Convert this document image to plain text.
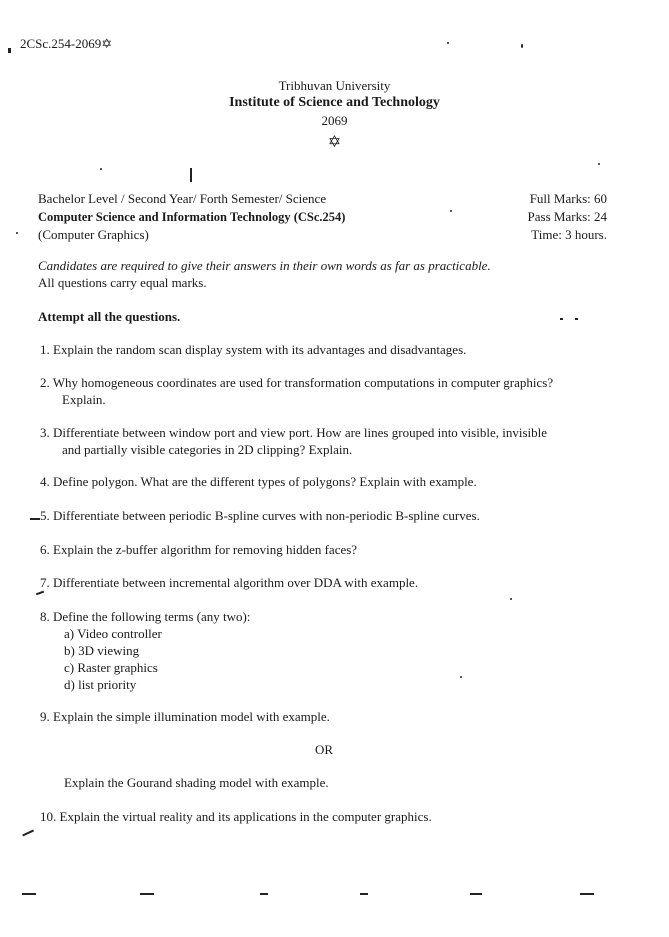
2CSc.254-2069✡
Tribhuvan University
Institute of Science and Technology
2069
✡
Bachelor Level / Second Year/ Forth Semester/ Science
Computer Science and Information Technology (CSc.254)
(Computer Graphics)
Full Marks: 60
Pass Marks: 24
Time: 3 hours.
Candidates are required to give their answers in their own words as far as practicable.
All questions carry equal marks.
Attempt all the questions.
1. Explain the random scan display system with its advantages and disadvantages.
2. Why homogeneous coordinates are used for transformation computations in computer graphics?
Explain.
3. Differentiate between window port and view port. How are lines grouped into visible, invisible
and partially visible categories in 2D clipping? Explain.
4. Define polygon. What are the different types of polygons? Explain with example.
5. Differentiate between periodic B-spline curves with non-periodic B-spline curves.
6. Explain the z-buffer algorithm for removing hidden faces?
7. Differentiate between incremental algorithm over DDA with example.
8. Define the following terms (any two):
a) Video controller
b) 3D viewing
c) Raster graphics
d) list priority
9. Explain the simple illumination model with example.
OR
Explain the Gourand shading model with example.
10. Explain the virtual reality and its applications in the computer graphics.
